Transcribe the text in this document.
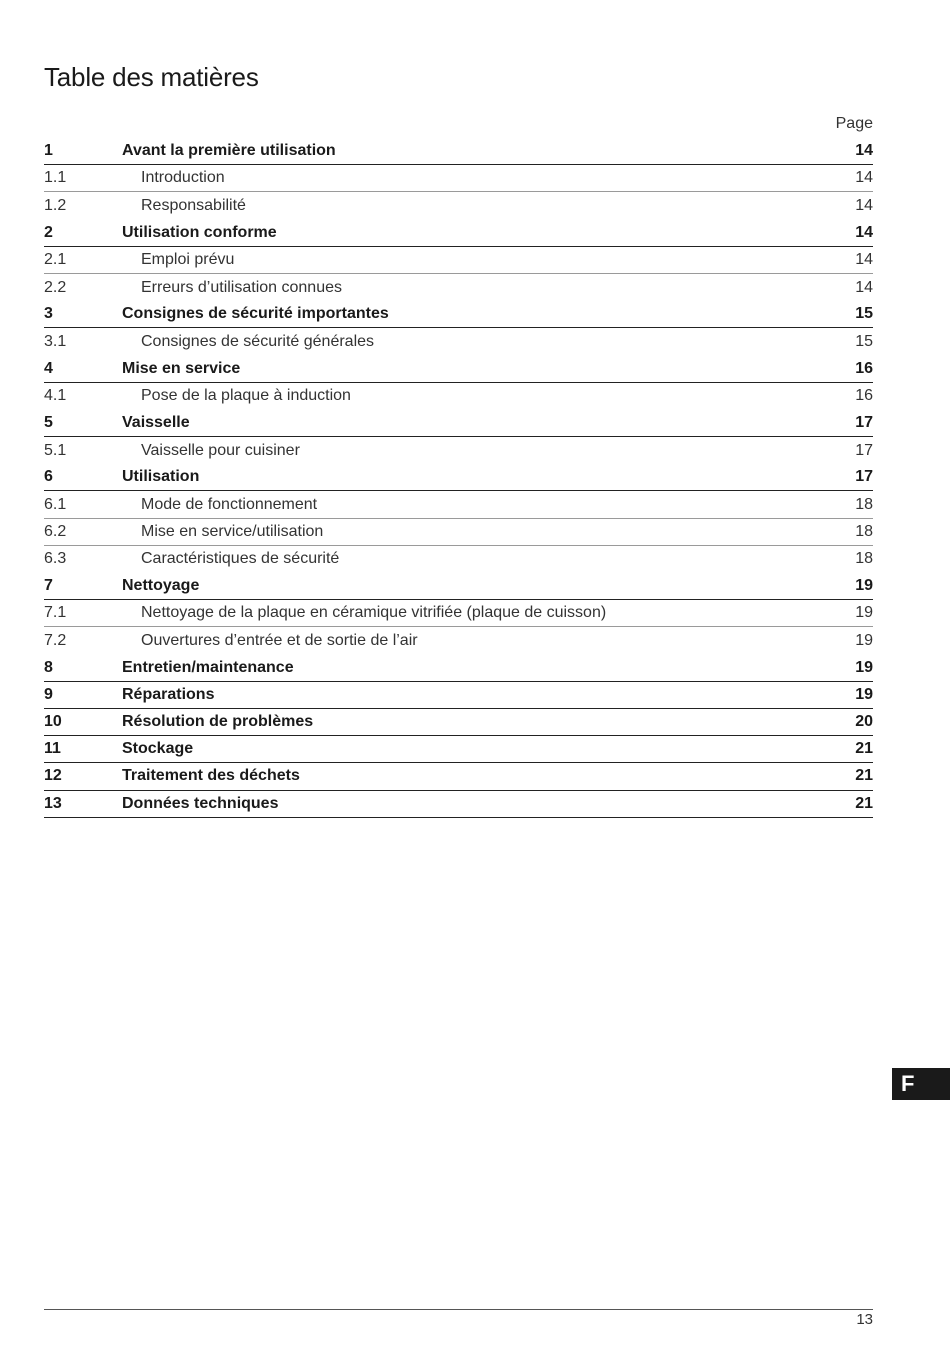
Table des matières
Page
1	Avant la première utilisation	14
1.1	Introduction	14
1.2	Responsabilité	14
2	Utilisation conforme	14
2.1	Emploi prévu	14
2.2	Erreurs d’utilisation connues	14
3	Consignes de sécurité importantes	15
3.1	Consignes de sécurité générales	15
4	Mise en service	16
4.1	Pose de la plaque à induction	16
5	Vaisselle	17
5.1	Vaisselle pour cuisiner	17
6	Utilisation	17
6.1	Mode de fonctionnement	18
6.2	Mise en service/utilisation	18
6.3	Caractéristiques de sécurité	18
7	Nettoyage	19
7.1	Nettoyage de la plaque en céramique vitrifiée (plaque de cuisson)	19
7.2	Ouvertures d’entrée et de sortie de l’air	19
8	Entretien/maintenance	19
9	Réparations	19
10	Résolution de problèmes	20
11	Stockage	21
12	Traitement des déchets	21
13	Données techniques	21
F
13
